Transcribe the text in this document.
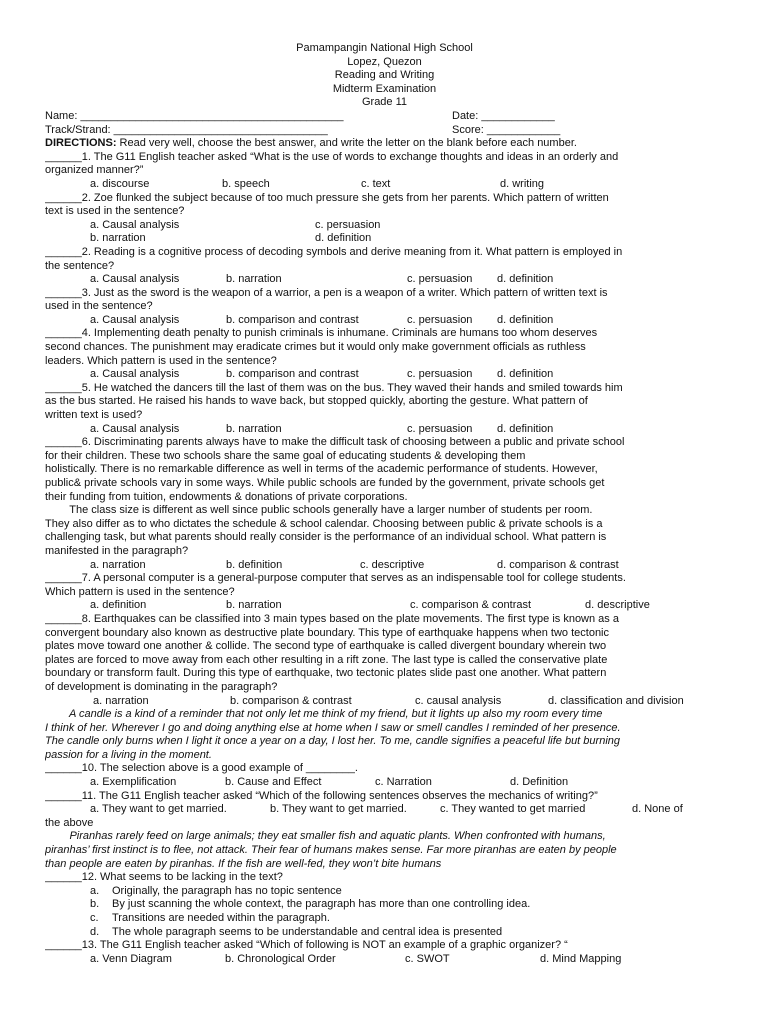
Pamampangin National High School
Lopez, Quezon
Reading and Writing
Midterm Examination
Grade 11
Name: ___________________________________________	Date: ____________
Track/Strand: ___________________________________	Score: ____________
DIRECTIONS: Read very well, choose the best answer, and write the letter on the blank before each number.
______1. The G11 English teacher asked “What is the use of words to exchange thoughts and ideas in an orderly and
organized manner?”
a. discourse	b. speech	c. text	d. writing
______2. Zoe flunked the subject because of too much pressure she gets from her parents. Which pattern of written
text is used in the sentence?
a. Causal analysis	c. persuasion
b. narration	d. definition
______2. Reading is a cognitive process of decoding symbols and derive meaning from it. What pattern is employed in
the sentence?
a. Causal analysis	b. narration	c. persuasion d. definition
______3. Just as the sword is the weapon of a warrior, a pen is a weapon of a writer. Which pattern of written text is
used in the sentence?
a. Causal analysis	b. comparison and contrast	c. persuasion d. definition
______4. Implementing death penalty to punish criminals is inhumane. Criminals are humans too whom deserves
second chances. The punishment may eradicate crimes but it would only make government officials as ruthless
leaders. Which pattern is used in the sentence?
a. Causal analysis	b. comparison and contrast	c. persuasion d. definition
______5. He watched the dancers till the last of them was on the bus. They waved their hands and smiled towards him
as the bus started. He raised his hands to wave back, but stopped quickly, aborting the gesture. What pattern of
written text is used?
a. Causal analysis	b. narration	c. persuasion d. definition
______6. Discriminating parents always have to make the difficult task of choosing between a public and private school
for their children. These two schools share the same goal of educating students & developing them
holistically. There is no remarkable difference as well in terms of the academic performance of students. However,
public& private schools vary in some ways. While public schools are funded by the government, private schools get
their funding from tuition, endowments & donations of private corporations.
The class size is different as well since public schools generally have a larger number of students per room.
They also differ as to who dictates the schedule & school calendar. Choosing between public & private schools is a
challenging task, but what parents should really consider is the performance of an individual school. What pattern is
manifested in the paragraph?
a. narration	b. definition	c. descriptive	d. comparison & contrast
______7. A personal computer is a general-purpose computer that serves as an indispensable tool for college students.
Which pattern is used in the sentence?
a. definition	b. narration	c. comparison & contrast	d. descriptive
______8. Earthquakes can be classified into 3 main types based on the plate movements. The first type is known as a
convergent boundary also known as destructive plate boundary. This type of earthquake happens when two tectonic
plates move toward one another & collide. The second type of earthquake is called divergent boundary wherein two
plates are forced to move away from each other resulting in a rift zone. The last type is called the conservative plate
boundary or transform fault. During this type of earthquake, two tectonic plates slide past one another. What pattern
of development is dominating in the paragraph?
a. narration	b. comparison & contrast	c. causal analysis	d. classification and division
A candle is a kind of a reminder that not only let me think of my friend, but it lights up also my room every time
I think of her. Wherever I go and doing anything else at home when I saw or smell candles I reminded of her presence.
The candle only burns when I light it once a year on a day, I lost her. To me, candle signifies a peaceful life but burning
passion for a living in the moment.
______10. The selection above is a good example of ________.
a. Exemplification	b. Cause and Effect	c. Narration	d. Definition
______11. The G11 English teacher asked “Which of the following sentences observes the mechanics of writing?”
a. They want to get married.	b. They want to get married.	c. They wanted to get married	d. None of
the above
Piranhas rarely feed on large animals; they eat smaller fish and aquatic plants. When confronted with humans,
piranhas’ first instinct is to flee, not attack. Their fear of humans makes sense. Far more piranhas are eaten by people
than people are eaten by piranhas. If the fish are well-fed, they won’t bite humans
______12. What seems to be lacking in the text?
a. Originally, the paragraph has no topic sentence
b. By just scanning the whole context, the paragraph has more than one controlling idea.
c. Transitions are needed within the paragraph.
d. The whole paragraph seems to be understandable and central idea is presented
______13. The G11 English teacher asked “Which of following is NOT an example of a graphic organizer? “
a. Venn Diagram	b. Chronological Order	c. SWOT	d. Mind Mapping
